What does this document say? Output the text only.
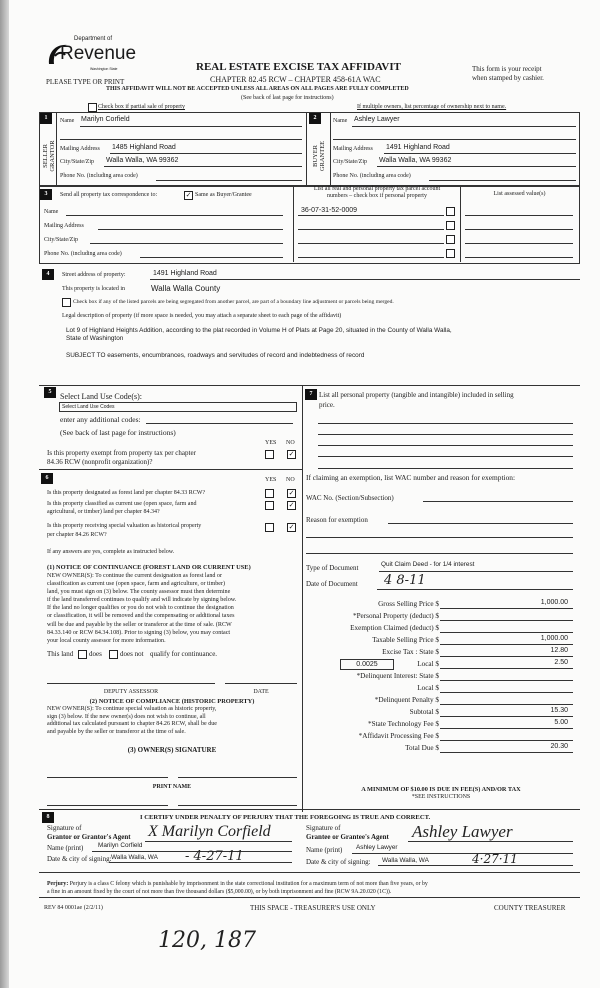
Department of
Revenue
Washington State
PLEASE TYPE OR PRINT
REAL ESTATE EXCISE TAX AFFIDAVIT
CHAPTER 82.45 RCW – CHAPTER 458-61A WAC
This form is your receipt
when stamped by cashier.
THIS AFFIDAVIT WILL NOT BE ACCEPTED UNLESS ALL AREAS ON ALL PAGES ARE FULLY COMPLETED
(See back of last page for instructions)
Check box if partial sale of property	If multiple owners, list percentage of ownership next to name.
1	2
SELLER
GRANTOR	BUYER
GRANTEE
Name Marilyn Corfield
Mailing Address 1485 Highland Road
City/State/Zip Walla Walla, WA 99362
Phone No. (including area code)
Name Ashley Lawyer
Mailing Address 1491 Highland Road
City/State/Zip Walla Walla, WA 99362
Phone No. (including area code)
3	Send all property tax correspondence to:	✓ Same as Buyer/Grantee
List all real and personal property tax parcel account
numbers – check box if personal property	List assessed value(s)
Name
Mailing Address
City/State/Zip
Phone No. (including area code)
36-07-31-52-0009
4	Street address of property:	1491 Highland Road
This property is located in	Walla Walla County
Check box if any of the listed parcels are being segregated from another parcel, are part of a boundary line adjustment or parcels being merged.
Legal description of property (if more space is needed, you may attach a separate sheet to each page of the affidavit)
Lot 9 of Highland Heights Addition, according to the plat recorded in Volume H of Plats at Page 20, situated in the County of Walla Walla,
State of Washington
SUBJECT TO easements, encumbrances, roadways and servitudes of record and indebtedness of record
5	Select Land Use Code(s):
Select Land Use Codes
enter any additional codes:
(See back of last page for instructions)
YES NO
Is this property exempt from property tax per chapter
84.36 RCW (nonprofit organization)?
✓
6	YES NO
Is this property designated as forest land per chapter 84.33 RCW?	✓
Is this property classified as current use (open space, farm and
agricultural, or timber) land per chapter 84.34?
✓
Is this property receiving special valuation as historical property
per chapter 84.26 RCW?
✓
If any answers are yes, complete as instructed below.
(1) NOTICE OF CONTINUANCE (FOREST LAND OR CURRENT USE)
NEW OWNER(S): To continue the current designation as forest land or
classification as current use (open space, farm and agriculture, or timber)
land, you must sign on (3) below. The county assessor must then determine
if the land transferred continues to qualify and will indicate by signing below.
If the land no longer qualifies or you do not wish to continue the designation
or classification, it will be removed and the compensating or additional taxes
will be due and payable by the seller or transferor at the time of sale. (RCW
84.33.140 or RCW 84.34.108). Prior to signing (3) below, you may contact
your local county assessor for more information.
This land does	does not qualify for continuance.
DEPUTY ASSESSOR	DATE
(2) NOTICE OF COMPLIANCE (HISTORIC PROPERTY)
NEW OWNER(S): To continue special valuation as historic property,
sign (3) below. If the new owner(s) does not wish to continue, all
additional tax calculated pursuant to chapter 84.26 RCW, shall be due
and payable by the seller or transferor at the time of sale.
(3) OWNER(S) SIGNATURE
PRINT NAME
7 List all personal property (tangible and intangible) included in selling
price.
If claiming an exemption, list WAC number and reason for exemption:
WAC No. (Section/Subsection)
Reason for exemption
Type of Document	Quit Claim Deed - for 1/4 interest
Date of Document 4 8-11
Gross Selling Price $	1,000.00
*Personal Property (deduct) $
Exemption Claimed (deduct) $
Taxable Selling Price $	1,000.00
Excise Tax : State $	12.80
Local $	2.50
*Delinquent Interest: State $
Local $
*Delinquent Penalty $
Subtotal $	15.30
*State Technology Fee $	5.00
*Affidavit Processing Fee $
Total Due $	20.30
0.0025
A MINIMUM OF $10.00 IS DUE IN FEE(S) AND/OR TAX
*SEE INSTRUCTIONS
8	I CERTIFY UNDER PENALTY OF PERJURY THAT THE FOREGOING IS TRUE AND CORRECT.
Signature of
Grantor or Grantor's Agent X Marilyn Corfield
Name (print) Marilyn Corfield
Date & city of signing: Walla Walla, WA - 4-27-11
Signature of
Grantee or Grantee's Agent Ashley Lawyer
Name (print) Ashley Lawyer
Date & city of signing: Walla Walla, WA	4·27·11
Perjury: Perjury is a class C felony which is punishable by imprisonment in the state correctional institution for a maximum term of not more than five years, or by
a fine in an amount fixed by the court of not more than five thousand dollars ($5,000.00), or by both imprisonment and fine (RCW 9A.20.020 (1C)).
REV 84 0001ae (2/2/11)	THIS SPACE - TREASURER'S USE ONLY	COUNTY TREASURER
120, 187
